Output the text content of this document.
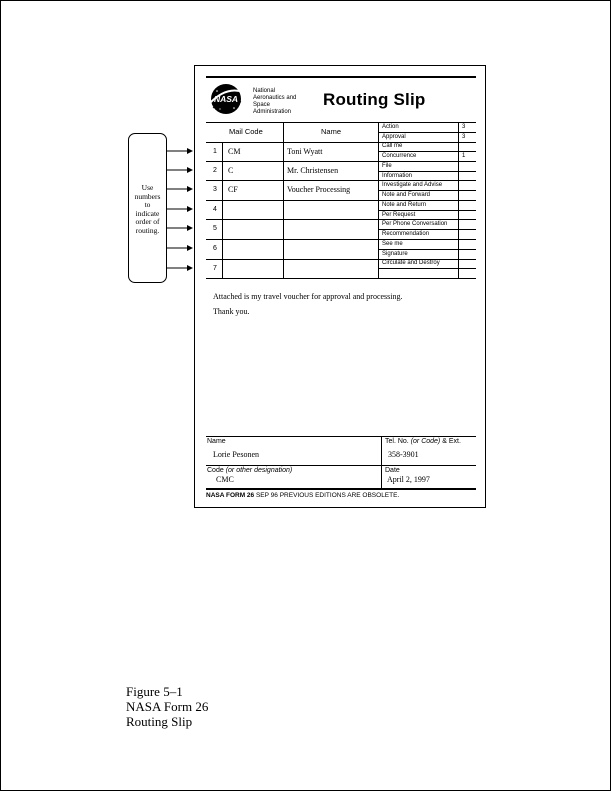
Use
numbers
to
indicate
order of
routing.
NASA
National
Aeronautics and
Space
Administration
Routing Slip
Mail Code	Name
1 CM	Toni Wyatt
2 C	Mr. Christensen
3 CF	Voucher Processing
4
5
6
7
Action	3
Approval	3
Call me
Concurrence	1
File
Information
Investigate and Advise
Note and Forward
Note and Return
Per Request
Per Phone Conversation
Recommendation
See me
Signature
Circulate and Destroy
Attached is my travel voucher for approval and processing.
Thank you.
Name
Lorie Pesonen
Tel. No. (or Code) & Ext.
358-3901
Code (or other designation)
CMC
Date
April 2, 1997
NASA FORM 26 SEP 96 PREVIOUS EDITIONS ARE OBSOLETE.
Figure 5–1
NASA Form 26
Routing Slip
